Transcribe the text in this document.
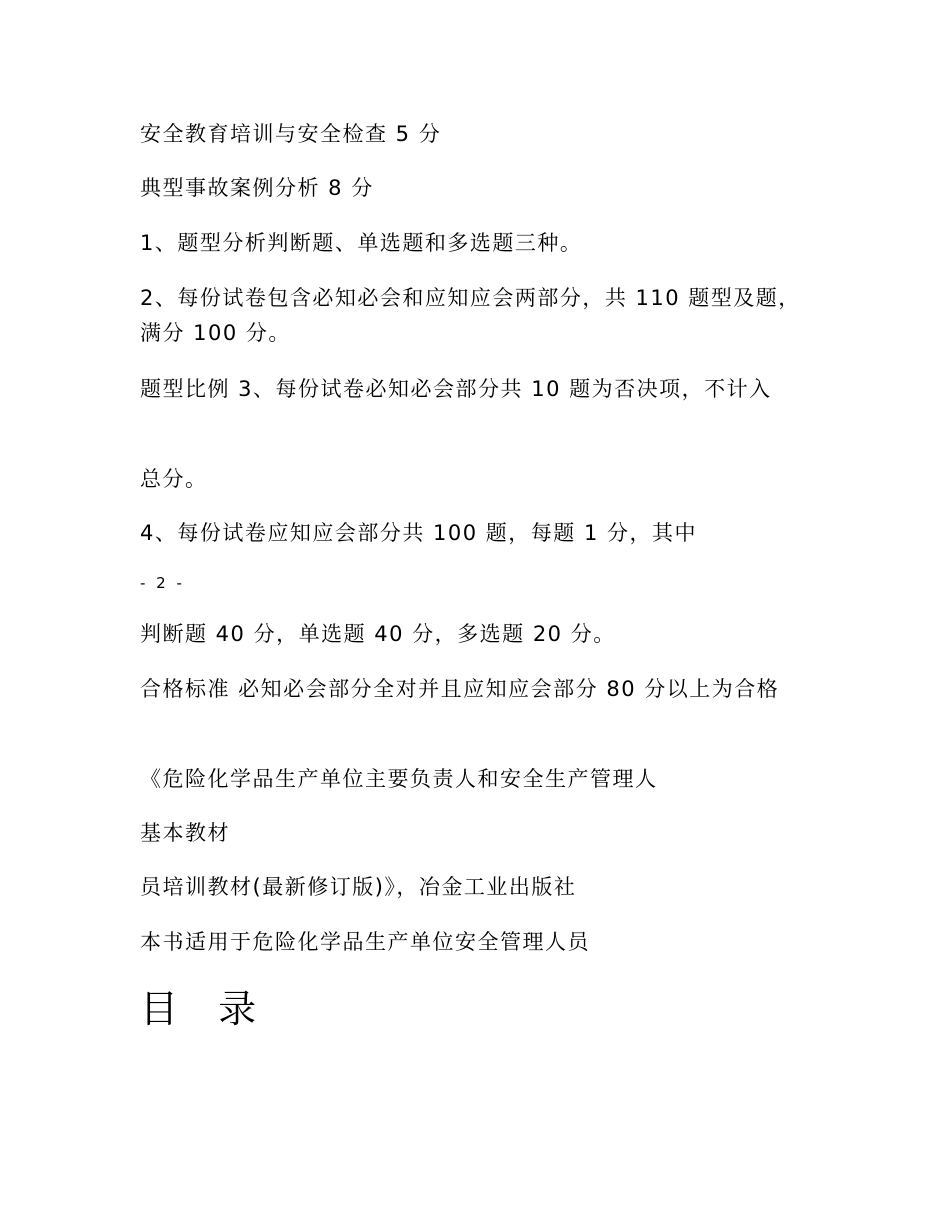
安全教育培训与安全检查 5 分
典型事故案例分析 8 分
1、题型分析判断题、单选题和多选题三种。
2、每份试卷包含必知必会和应知应会两部分，共 110 题型及题，满分 100 分。
题型比例 3、每份试卷必知必会部分共 10 题为否决项，不计入
总分。
4、每份试卷应知应会部分共 100 题，每题 1 分，其中
- 2 -
判断题 40 分，单选题 40 分，多选题 20 分。
合格标准 必知必会部分全对并且应知应会部分 80 分以上为合格
《危险化学品生产单位主要负责人和安全生产管理人
基本教材
员培训教材(最新修订版)》，冶金工业出版社
本书适用于危险化学品生产单位安全管理人员
目 录
